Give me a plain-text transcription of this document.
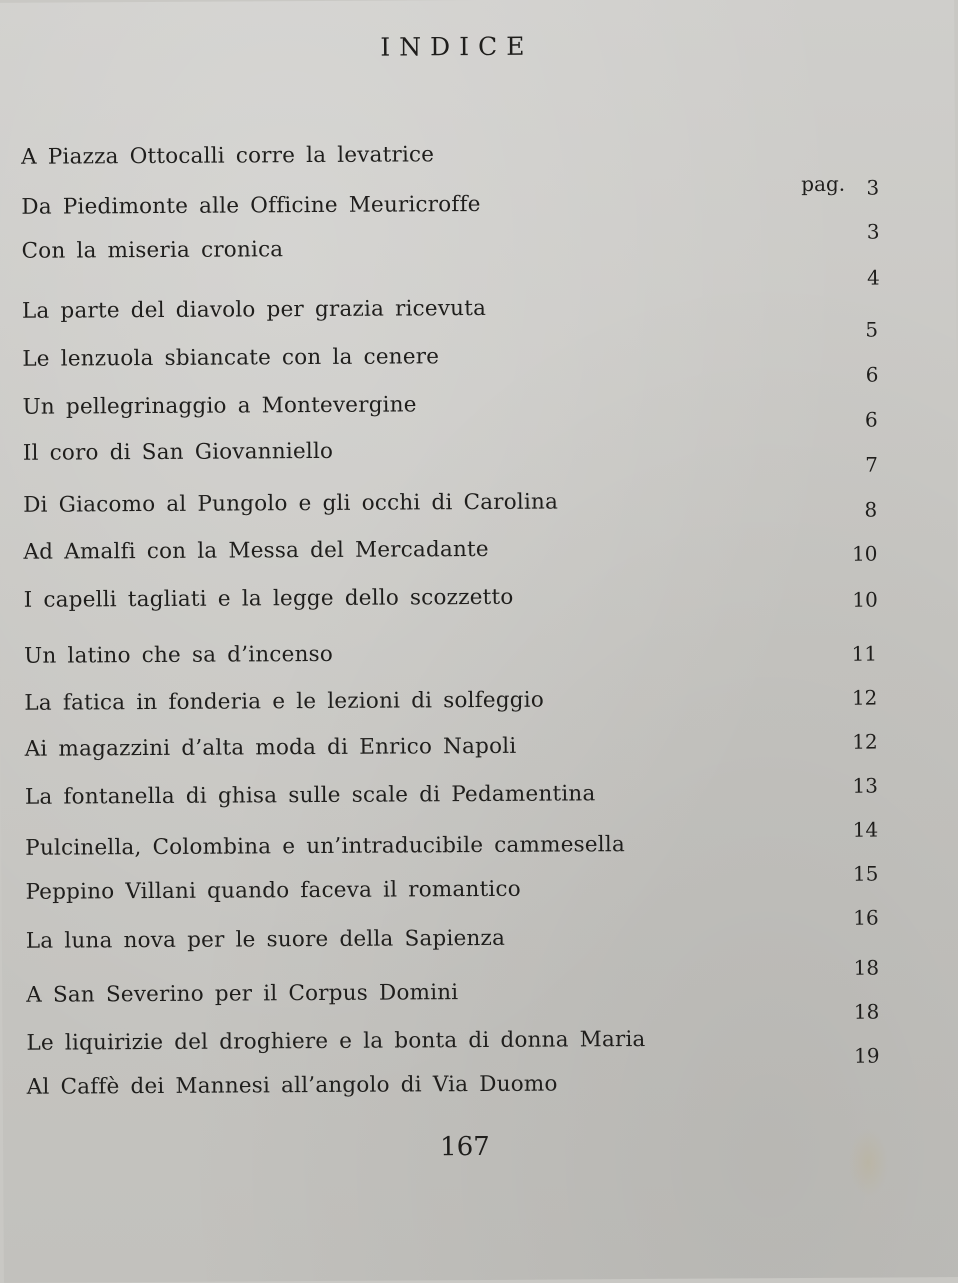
INDICE
A Piazza Ottocalli corre la levatrice
Da Piedimonte alle Officine Meuricroffe
Con la miseria cronica
La parte del diavolo per grazia ricevuta
Le lenzuola sbiancate con la cenere
Un pellegrinaggio a Montevergine
Il coro di San Giovanniello
Di Giacomo al Pungolo e gli occhi di Carolina
Ad Amalfi con la Messa del Mercadante
I capelli tagliati e la legge dello scozzetto
Un latino che sa d’incenso
La fatica in fonderia e le lezioni di solfeggio
Ai magazzini d’alta moda di Enrico Napoli
La fontanella di ghisa sulle scale di Pedamentina
Pulcinella, Colombina e un’intraducibile cammesella
Peppino Villani quando faceva il romantico
La luna nova per le suore della Sapienza
A San Severino per il Corpus Domini
Le liquirizie del droghiere e la bonta di donna Maria
Al Caffè dei Mannesi all’angolo di Via Duomo
pag.	3
3
4
5
6
6
7
8
10
10
11
12
12
13
14
15
16
18
18
19

167
